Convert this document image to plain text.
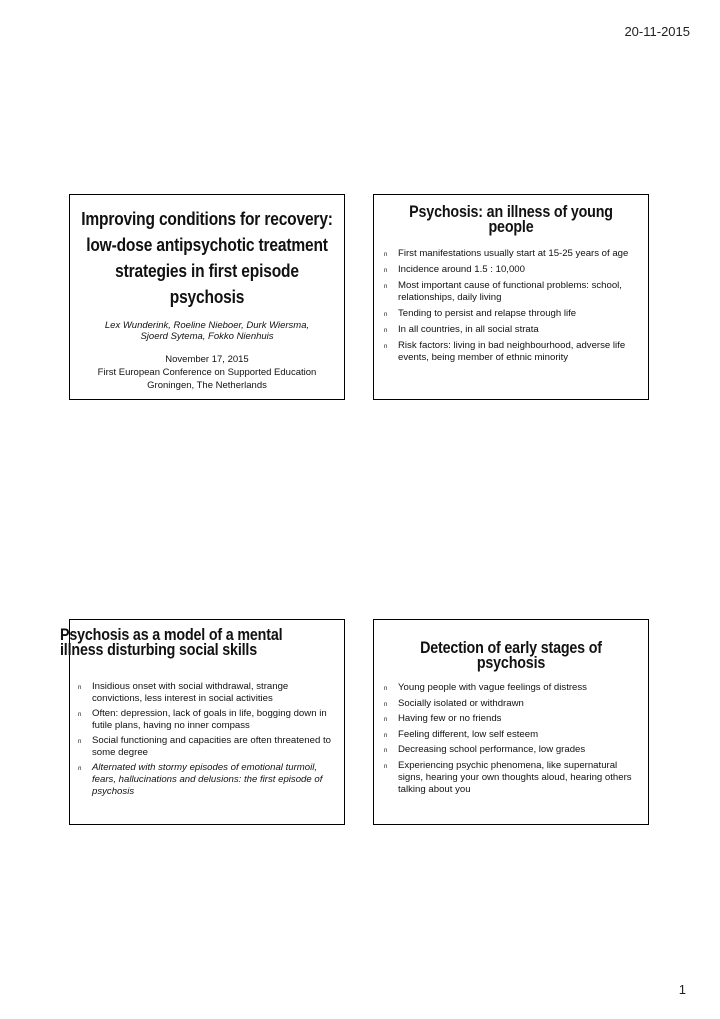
20-11-2015
Improving conditions for recovery:
low-dose antipsychotic treatment
strategies in first episode
psychosis
Lex Wunderink, Roeline Nieboer, Durk Wiersma,
Sjoerd Sytema, Fokko Nienhuis
November 17, 2015
First European Conference on Supported Education
Groningen, The Netherlands
Psychosis: an illness of young
people
n First manifestations usually start at 15-25 years of age
n Incidence around 1.5 : 10,000
n Most important cause of functional problems: school, relationships, daily living
n Tending to persist and relapse through life
n In all countries, in all social strata
n Risk factors: living in bad neighbourhood, adverse life events, being member of ethnic minority
Psychosis as a model of a mental
illness disturbing social skills
n Insidious onset with social withdrawal, strange convictions, less interest in social activities
n Often: depression, lack of goals in life, bogging down in futile plans, having no inner compass
n Social functioning and capacities are often threatened to some degree
n Alternated with stormy episodes of emotional turmoil, fears, hallucinations and delusions: the first episode of psychosis
Detection of early stages of
psychosis
n Young people with vague feelings of distress
n Socially isolated or withdrawn
n Having few or no friends
n Feeling different, low self esteem
n Decreasing school performance, low grades
n Experiencing psychic phenomena, like supernatural signs, hearing your own thoughts aloud, hearing others talking about you
1
